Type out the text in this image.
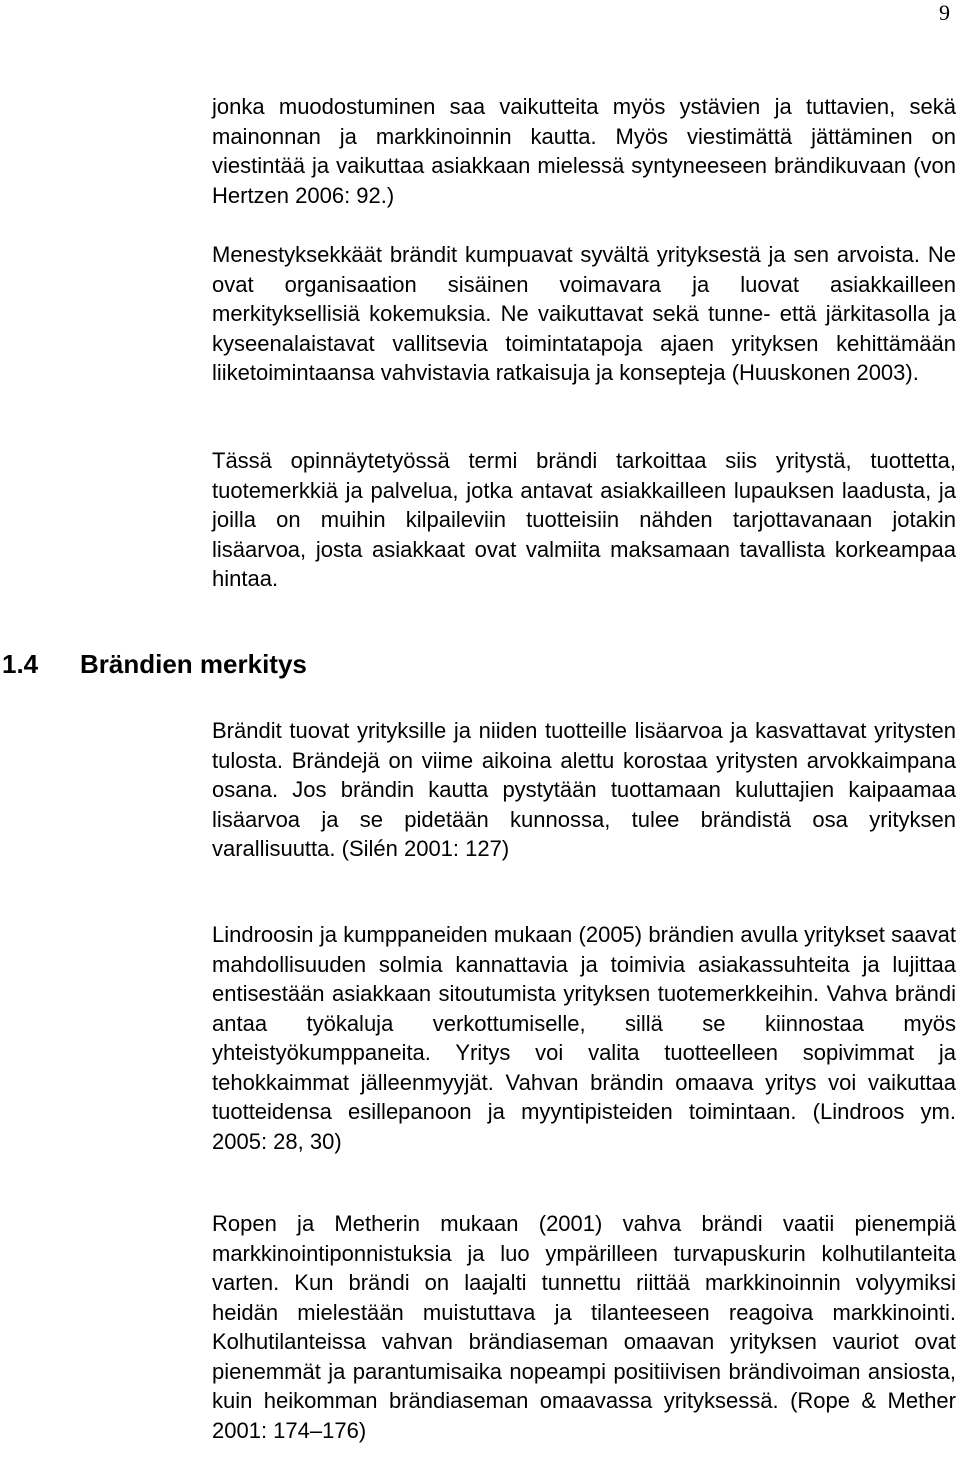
9

jonka muodostuminen saa vaikutteita myös ystävien ja tuttavien, sekä mainonnan ja markkinoinnin kautta. Myös viestimättä jättäminen on viestintää ja vaikuttaa asiakkaan mielessä syntyneeseen brändikuvaan (von Hertzen 2006: 92.)

Menestyksekkäät brändit kumpuavat syvältä yrityksestä ja sen arvoista. Ne ovat organisaation sisäinen voimavara ja luovat asiakkailleen merkityksellisiä kokemuksia. Ne vaikuttavat sekä tunne- että järkitasolla ja kyseenalaistavat vallitsevia toimintatapoja ajaen yrityksen kehittämään liiketoimintaansa vahvistavia ratkaisuja ja konsepteja (Huuskonen 2003).

Tässä opinnäytetyössä termi brändi tarkoittaa siis yritystä, tuottetta, tuotemerkkiä ja palvelua, jotka antavat asiakkailleen lupauksen laadusta, ja joilla on muihin kilpaileviin tuotteisiin nähden tarjottavanaan jotakin lisäarvoa, josta asiakkaat ovat valmiita maksamaan tavallista korkeampaa hintaa.

Brändit tuovat yrityksille ja niiden tuotteille lisäarvoa ja kasvattavat yritysten tulosta. Brändejä on viime aikoina alettu korostaa yritysten arvokkaimpana osana. Jos brändin kautta pystytään tuottamaan kuluttajien kaipaamaa lisäarvoa ja se pidetään kunnossa, tulee brändistä osa yrityksen varallisuutta. (Silén 2001: 127)

Lindroosin ja kumppaneiden mukaan (2005) brändien avulla yritykset saavat mahdollisuuden solmia kannattavia ja toimivia asiakassuhteita ja lujittaa entisestään asiakkaan sitoutumista yrityksen tuotemerkkeihin. Vahva brändi antaa työkaluja verkottumiselle, sillä se kiinnostaa myös yhteistyökumppaneita. Yritys voi valita tuotteelleen sopivimmat ja tehokkaimmat jälleenmyyjät. Vahvan brändin omaava yritys voi vaikuttaa tuotteidensa esillepanoon ja myyntipisteiden toimintaan. (Lindroos ym. 2005: 28, 30)

Ropen ja Metherin mukaan (2001) vahva brändi vaatii pienempiä markkinointiponnistuksia ja luo ympärilleen turvapuskurin kolhutilanteita varten. Kun brändi on laajalti tunnettu riittää markkinoinnin volyymiksi heidän mielestään muistuttava ja tilanteeseen reagoiva markkinointi. Kolhutilanteissa vahvan brändiaseman omaavan yrityksen vauriot ovat pienemmät ja parantumisaika nopeampi positiivisen brändivoiman ansiosta, kuin heikomman brändiaseman omaavassa yrityksessä. (Rope & Mether 2001: 174–176)

1.4 Brändien merkitys
